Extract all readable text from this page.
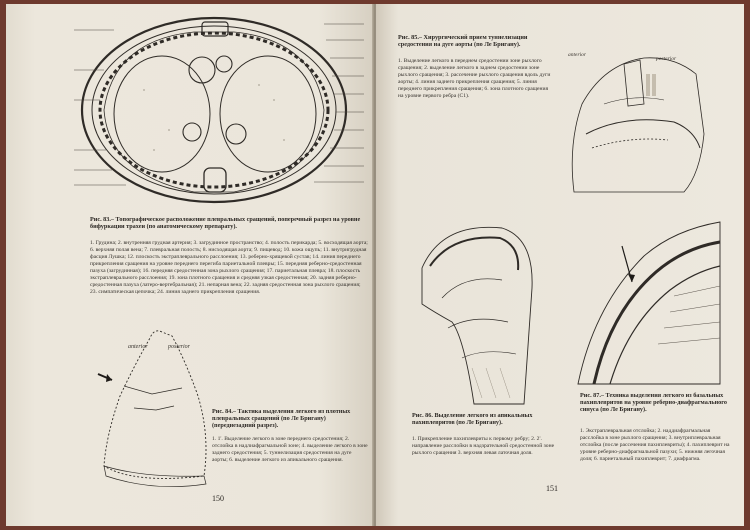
Рис. 83.– Топографическое расположение плевральных сращений, поперечный разрез на уровне бифуркации трахеи (по анатомическому препарату).
1. Грудина; 2. внутренняя грудная артерия; 3. загрудинное пространство; 4. полость перикарда; 5. восходящая аорта; 6. верхняя полая вена; 7. плевральная полость; 8. нисходящая аорта; 9. пищевод; 10. кожа ощупь; 11. внутригрудная фасция Лушка; 12. плоскость экстраплеврального расслоения; 13. реберно-хрящевой сустав; 14. линия переднего прикрепления сращения на уровне переднего перегиба париетальной плевры; 15. передняя реберно-средостенная пазуха (загрудинная); 16. передняя средостенная зона рыхлого сращения; 17. париетальная плевра; 18. плоскость экстраплеврального расслоения; 19. зона плотного сращения и средняя узкая средостенная; 20. задняя реберно-средостенная пазуха (латеро-вертебральная); 21. непарная вена; 22. задняя средостенная зона рыхлого сращения; 23. симпатическая цепочка; 24. линия заднего прикрепления сращения.
anterior	posterior
Рис. 84.– Тактика выделения легкого из плотных плевральных сращений (по Ле Бригану) (переднезадний разрез).
1. 1'. Выделение легкого в зоне переднего средостения; 2. отслойка в надлиафрагмальной зоне; 4. выделение легкого в зоне заднего средостения; 5. туннелизация средостения на дуге аорты; 6. выделение легкого из апикального сращения.
150
Рис. 85.– Хирургический прием туннелизации средостения на дуге аорты (по Ле Бригану).
1. Выделение легкого в переднем средостении зоне рыхлого сращения; 2. выделение легкого в заднем средостении зоне рыхлого сращения; 3. рассечение рыхлого сращения вдоль дуги аорты; 4. линия заднего прикрепления сращения; 5. линия переднего прикрепления сращения; 6. зона плотного сращения на уровне первого ребра (C1).
anterior
posterior
Рис. 86. Выделение легкого из апикальных пахиплевритов (по Ле Бригану).
1. Прикрепление пахиплевриты к первому ребру; 2. 2'. направление расслойки в надзрательной средостенной зоне рыхлого сращения 3. верхняя левая латочная доля.
151
Рис. 87.– Техника выделения легкого из базальных пахиплевритов на уровне реберно-диафрагмального синуса (по Ле Бригану).
1. Экстраплевральная отслойка; 2. наддиафрагмальная расслойка в зоне рыхлого сращения; 3. внутриплевральная отслойка (после рассечения пахиплевриты); 4. пахиплеврит на уровне реберно-диафрагмальной пазухи; 5. нижняя легочная доля; 6. париетальный пахиплеврит; 7. диафрагма.
